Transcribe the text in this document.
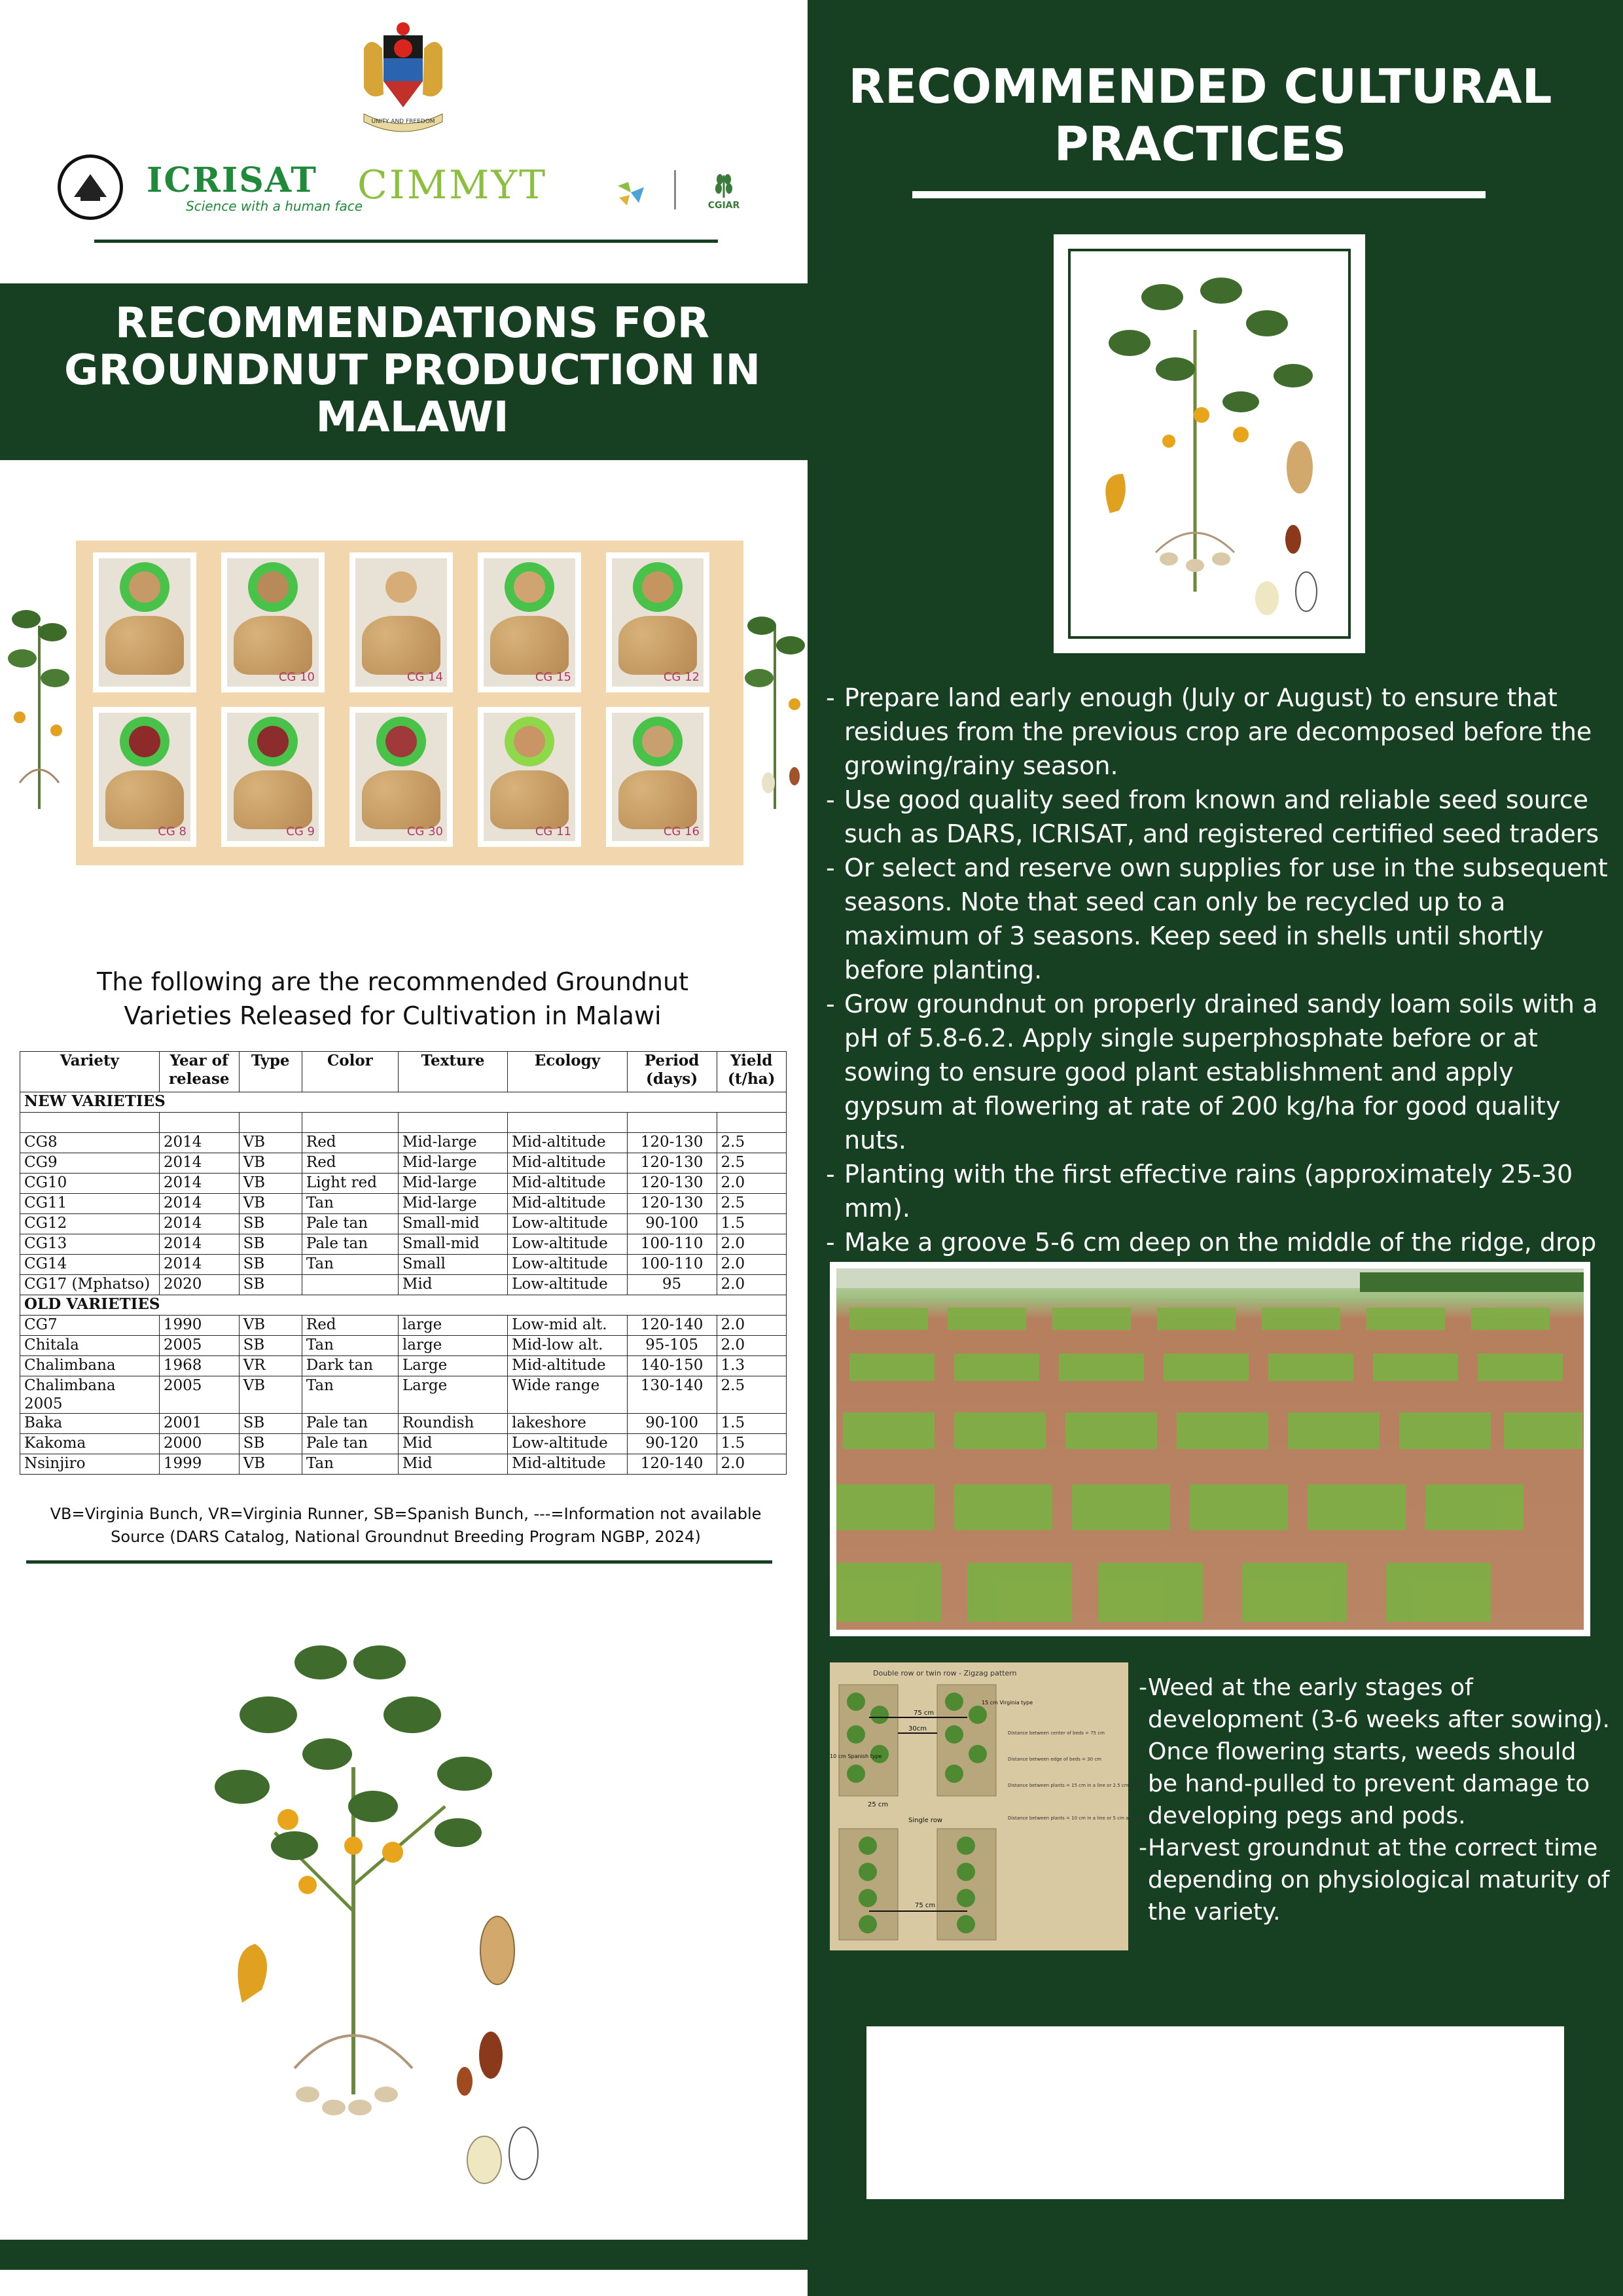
UNITY AND FREEDOM
ICRISAT
Science with a human face
CIMMYT	CGIAR
RECOMMENDATIONS FOR GROUNDNUT PRODUCTION IN MALAWI
RECOMMENDED CULTURAL PRACTICES
CG 10	CG 14	CG 15	CG 12
CG 8	CG 9	CG 30	CG 11	CG 16
The following are the recommended Groundnut Varieties Released for Cultivation in Malawi
Variety	Year of release	Type	Color	Texture	Ecology	Period (days)	Yield (t/ha)
NEW VARIETIES							

CG8	2014	VB	Red	Mid-large	Mid-altitude	120-130	2.5
CG9	2014	VB	Red	Mid-large	Mid-altitude	120-130	2.5
CG10	2014	VB	Light red	Mid-large	Mid-altitude	120-130	2.0
CG11	2014	VB	Tan	Mid-large	Mid-altitude	120-130	2.5
CG12	2014	SB	Pale tan	Small-mid	Low-altitude	90-100	1.5
CG13	2014	SB	Pale tan	Small-mid	Low-altitude	100-110	2.0
CG14	2014	SB	Tan	Small	Low-altitude	100-110	2.0
CG17 (Mphatso)	2020	SB		Mid	Low-altitude	95	2.0
OLD VARIETIES							
CG7	1990	VB	Red	large	Low-mid alt.	120-140	2.0
Chitala	2005	SB	Tan	large	Mid-low alt.	95-105	2.0
Chalimbana	1968	VR	Dark tan	Large	Mid-altitude	140-150	1.3
Chalimbana 2005	2005	VB	Tan	Large	Wide range	130-140	2.5
Baka	2001	SB	Pale tan	Roundish	lakeshore	90-100	1.5
Kakoma	2000	SB	Pale tan	Mid	Low-altitude	90-120	1.5
Nsinjiro	1999	VB	Tan	Mid	Mid-altitude	120-140	2.0
VB=Virginia Bunch, VR=Virginia Runner, SB=Spanish Bunch, ---=Information not available
Source (DARS Catalog, National Groundnut Breeding Program NGBP, 2024)
- Prepare land early enough (July or August) to ensure that residues from the previous crop are decomposed before the growing/rainy season.
- Use good quality seed from known and reliable seed source such as DARS, ICRISAT, and registered certified seed traders
- Or select and reserve own supplies for use in the subsequent seasons. Note that seed can only be recycled up to a maximum of 3 seasons. Keep seed in shells until shortly before planting.
- Grow groundnut on properly drained sandy loam soils with a pH of 5.8-6.2. Apply single superphosphate before or at sowing to ensure good plant establishment and apply gypsum at flowering at rate of 200 kg/ha for good quality nuts.
- Planting with the first effective rains (approximately 25-30 mm).
- Make a groove 5-6 cm deep on the middle of the ridge, drop
Double row or twin row - Zigzag pattern
75 cm
30cm
25 cm
10 cm Spanish type
15 cm Virginia type
Single row
75 cm
Distance between center of beds = 75 cm
Distance between edge of beds = 30 cm
Distance between plants = 15 cm in a line or 2.5 cm along double row for Virginia type
Distance between plants = 10 cm in a line or 5 cm along double row for Spanish type
- Weed at the early stages of development (3-6 weeks after sowing). Once flowering starts, weeds should be hand-pulled to prevent damage to developing pegs and pods.
- Harvest groundnut at the correct time depending on physiological maturity of the variety.
